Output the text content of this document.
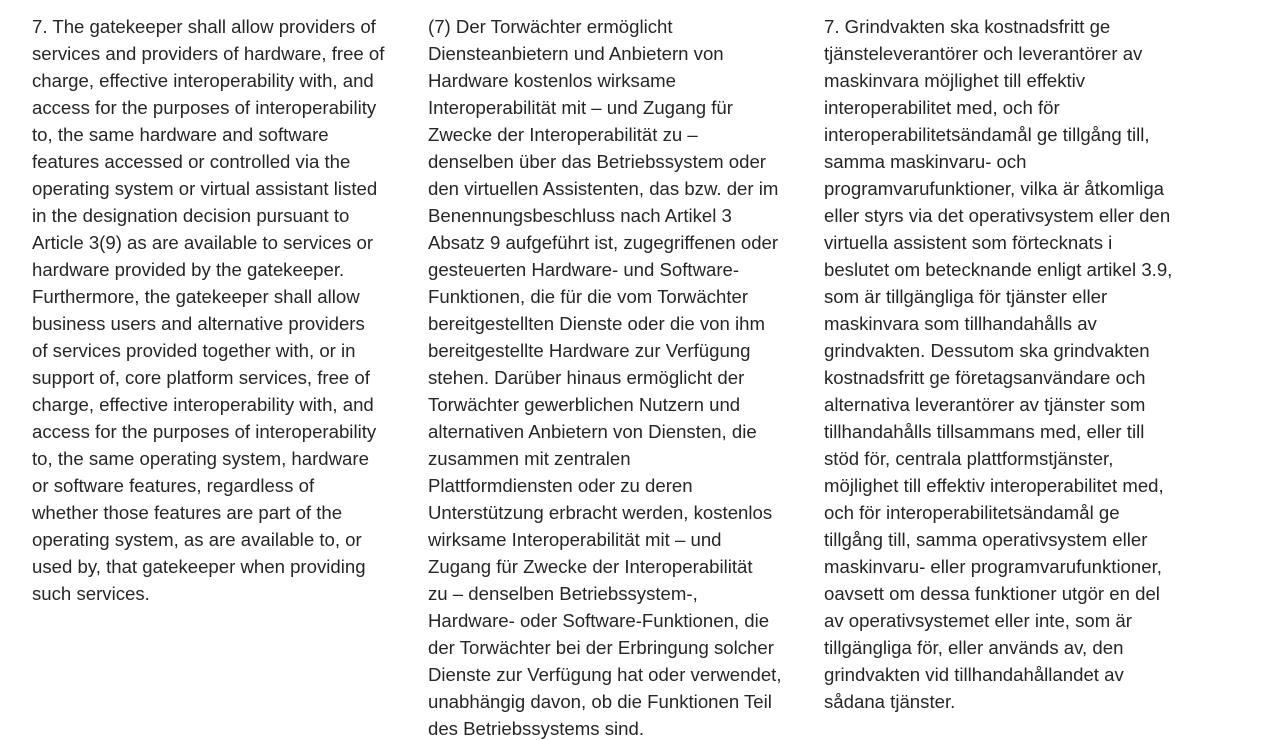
7. The gatekeeper shall allow providers of
services and providers of hardware, free of
charge, effective interoperability with, and
access for the purposes of interoperability
to, the same hardware and software
features accessed or controlled via the
operating system or virtual assistant listed
in the designation decision pursuant to
Article 3(9) as are available to services or
hardware provided by the gatekeeper.
Furthermore, the gatekeeper shall allow
business users and alternative providers
of services provided together with, or in
support of, core platform services, free of
charge, effective interoperability with, and
access for the purposes of interoperability
to, the same operating system, hardware
or software features, regardless of
whether those features are part of the
operating system, as are available to, or
used by, that gatekeeper when providing
such services.

(7) Der Torwächter ermöglicht
Diensteanbietern und Anbietern von
Hardware kostenlos wirksame
Interoperabilität mit – und Zugang für
Zwecke der Interoperabilität zu –
denselben über das Betriebssystem oder
den virtuellen Assistenten, das bzw. der im
Benennungsbeschluss nach Artikel 3
Absatz 9 aufgeführt ist, zugegriffenen oder
gesteuerten Hardware- und Software-
Funktionen, die für die vom Torwächter
bereitgestellten Dienste oder die von ihm
bereitgestellte Hardware zur Verfügung
stehen. Darüber hinaus ermöglicht der
Torwächter gewerblichen Nutzern und
alternativen Anbietern von Diensten, die
zusammen mit zentralen
Plattformdiensten oder zu deren
Unterstützung erbracht werden, kostenlos
wirksame Interoperabilität mit – und
Zugang für Zwecke der Interoperabilität
zu – denselben Betriebssystem-,
Hardware- oder Software-Funktionen, die
der Torwächter bei der Erbringung solcher
Dienste zur Verfügung hat oder verwendet,
unabhängig davon, ob die Funktionen Teil
des Betriebssystems sind.

7. Grindvakten ska kostnadsfritt ge
tjänsteleverantörer och leverantörer av
maskinvara möjlighet till effektiv
interoperabilitet med, och för
interoperabilitetsändamål ge tillgång till,
samma maskinvaru- och
programvarufunktioner, vilka är åtkomliga
eller styrs via det operativsystem eller den
virtuella assistent som förtecknats i
beslutet om betecknande enligt artikel 3.9,
som är tillgängliga för tjänster eller
maskinvara som tillhandahålls av
grindvakten. Dessutom ska grindvakten
kostnadsfritt ge företagsanvändare och
alternativa leverantörer av tjänster som
tillhandahålls tillsammans med, eller till
stöd för, centrala plattformstjänster,
möjlighet till effektiv interoperabilitet med,
och för interoperabilitetsändamål ge
tillgång till, samma operativsystem eller
maskinvaru- eller programvarufunktioner,
oavsett om dessa funktioner utgör en del
av operativsystemet eller inte, som är
tillgängliga för, eller används av, den
grindvakten vid tillhandahållandet av
sådana tjänster.
